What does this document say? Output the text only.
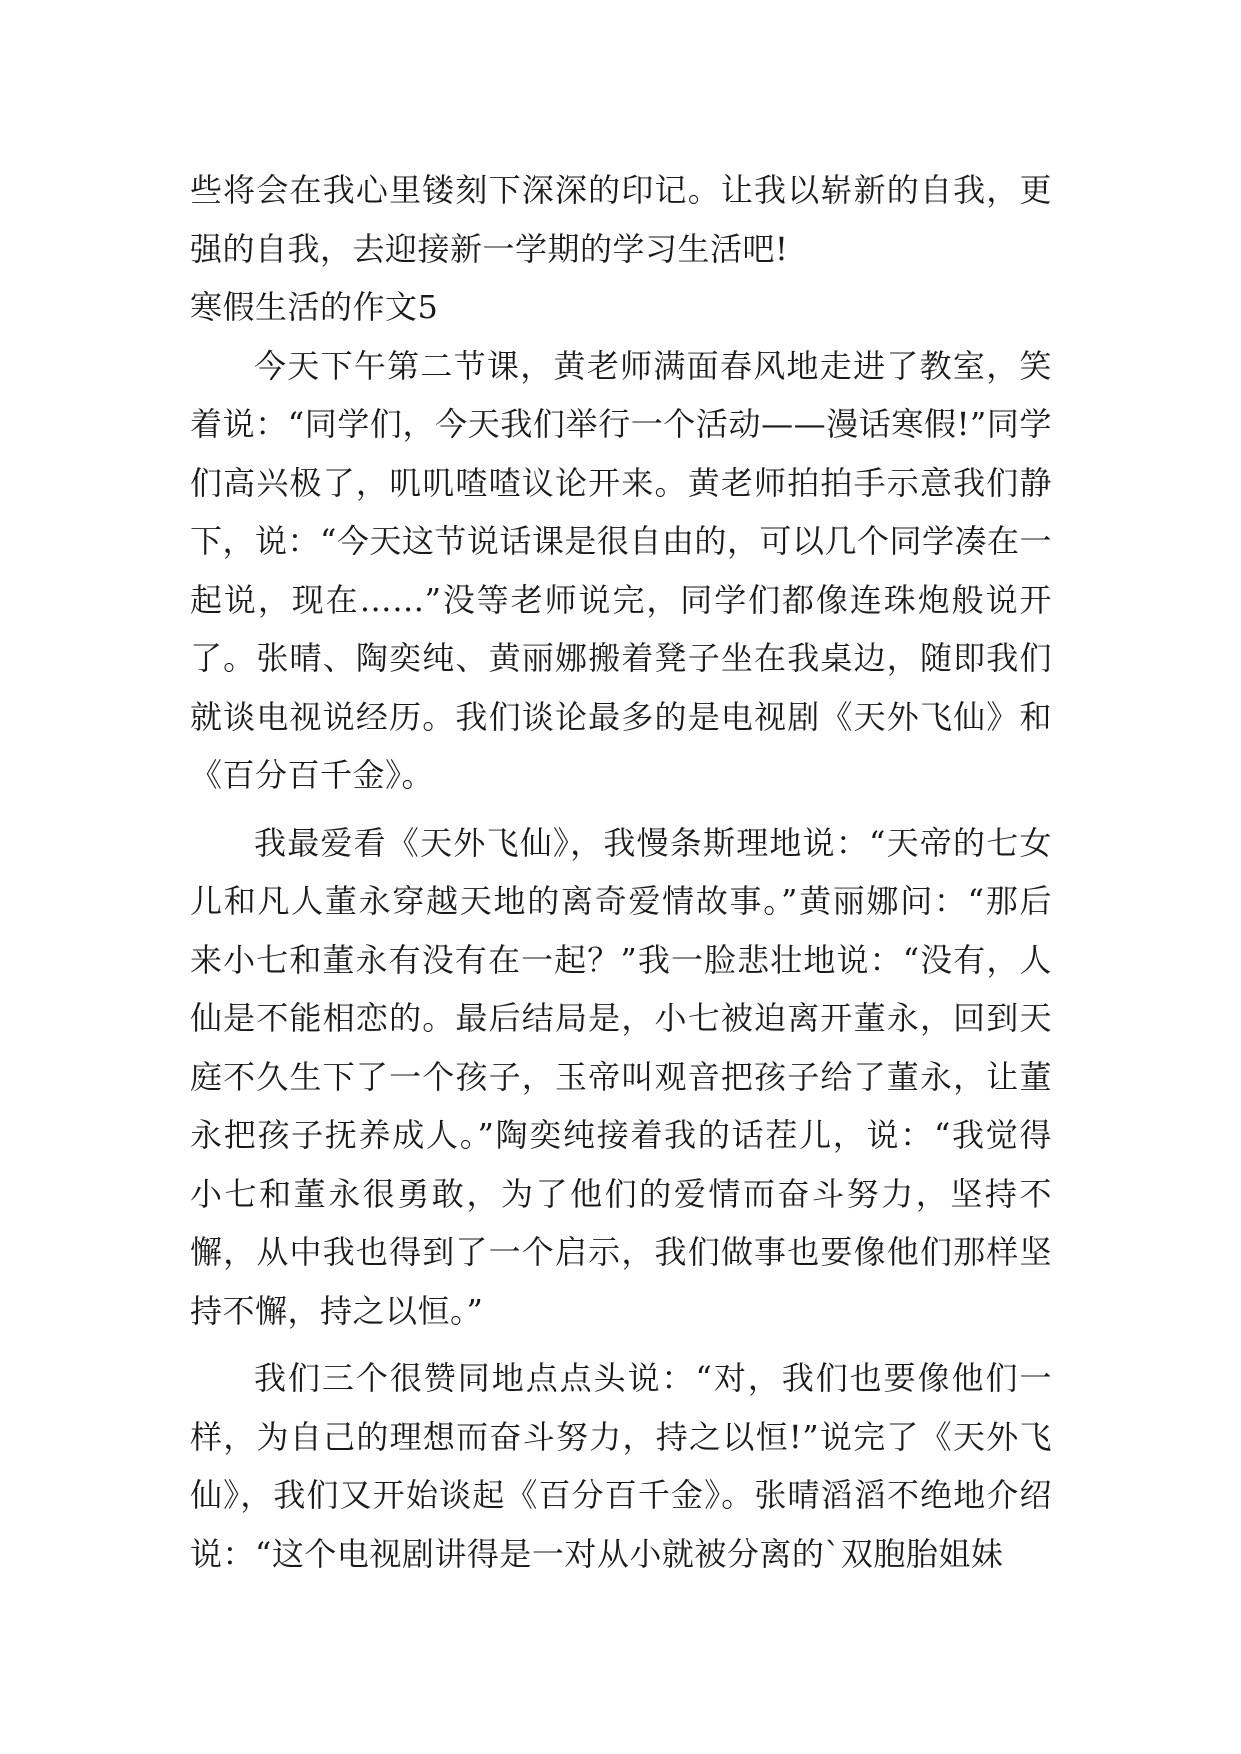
些将会在我心里镂刻下深深的印记。让我以崭新的自我，更强的自我，去迎接新一学期的学习生活吧!

寒假生活的作文5

今天下午第二节课，黄老师满面春风地走进了教室，笑着说：“同学们，今天我们举行一个活动——漫话寒假!”同学们高兴极了，叽叽喳喳议论开来。黄老师拍拍手示意我们静下，说：“今天这节说话课是很自由的，可以几个同学凑在一起说，现在……”没等老师说完，同学们都像连珠炮般说开了。张晴、陶奕纯、黄丽娜搬着凳子坐在我桌边，随即我们就谈电视说经历。我们谈论最多的是电视剧《天外飞仙》和《百分百千金》。

我最爱看《天外飞仙》，我慢条斯理地说：“天帝的七女儿和凡人董永穿越天地的离奇爱情故事。”黄丽娜问：“那后来小七和董永有没有在一起？”我一脸悲壮地说：“没有，人仙是不能相恋的。最后结局是，小七被迫离开董永，回到天庭不久生下了一个孩子，玉帝叫观音把孩子给了董永，让董永把孩子抚养成人。”陶奕纯接着我的话茬儿，说：“我觉得小七和董永很勇敢，为了他们的爱情而奋斗努力，坚持不懈，从中我也得到了一个启示，我们做事也要像他们那样坚持不懈，持之以恒。”

我们三个很赞同地点点头说：“对，我们也要像他们一样，为自己的理想而奋斗努力，持之以恒!”说完了《天外飞仙》，我们又开始谈起《百分百千金》。张晴滔滔不绝地介绍说：“这个电视剧讲得是一对从小就被分离的`双胞胎姐妹
